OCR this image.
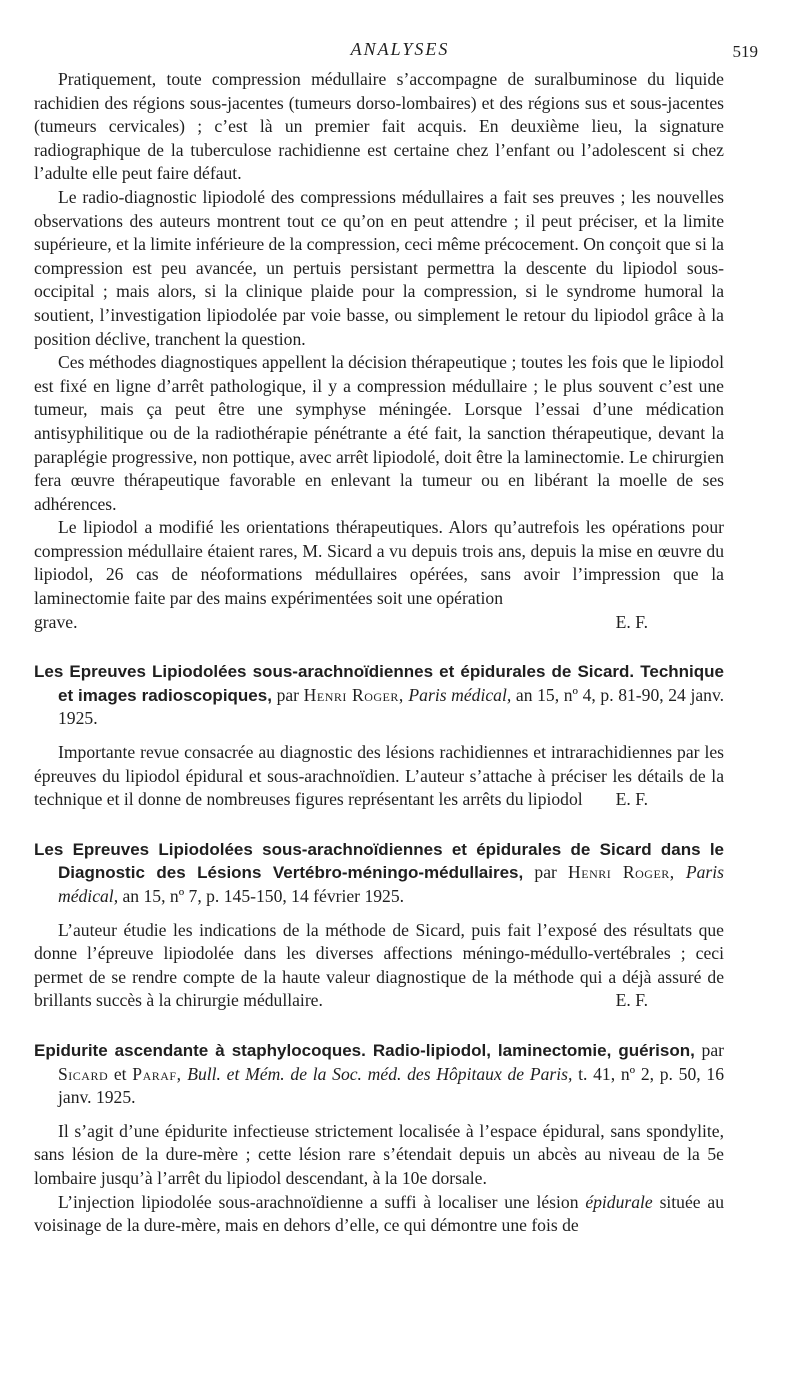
ANALYSES	519

Pratiquement, toute compression médullaire s’accompagne de suralbuminose du liquide rachidien des régions sous-jacentes (tumeurs dorso-lombaires) et des régions sus et sous-jacentes (tumeurs cervicales) ; c’est là un premier fait acquis. En deuxième lieu, la signature radiographique de la tuberculose rachidienne est certaine chez l’enfant ou l’adolescent si chez l’adulte elle peut faire défaut.

Le radio-diagnostic lipiodolé des compressions médullaires a fait ses preuves ; les nouvelles observations des auteurs montrent tout ce qu’on en peut attendre ; il peut préciser, et la limite supérieure, et la limite inférieure de la compression, ceci même précocement. On conçoit que si la compression est peu avancée, un pertuis persistant permettra la descente du lipiodol sous-occipital ; mais alors, si la clinique plaide pour la compression, si le syndrome humoral la soutient, l’investigation lipiodolée par voie basse, ou simplement le retour du lipiodol grâce à la position déclive, tranchent la question.

Ces méthodes diagnostiques appellent la décision thérapeutique ; toutes les fois que le lipiodol est fixé en ligne d’arrêt pathologique, il y a compression médullaire ; le plus souvent c’est une tumeur, mais ça peut être une symphyse méningée. Lorsque l’essai d’une médication antisyphilitique ou de la radiothérapie pénétrante a été fait, la sanction thérapeutique, devant la paraplégie progressive, non pottique, avec arrêt lipiodolé, doit être la laminectomie. Le chirurgien fera œuvre thérapeutique favorable en enlevant la tumeur ou en libérant la moelle de ses adhérences.

Le lipiodol a modifié les orientations thérapeutiques. Alors qu’autrefois les opérations pour compression médullaire étaient rares, M. Sicard a vu depuis trois ans, depuis la mise en œuvre du lipiodol, 26 cas de néoformations médullaires opérées, sans avoir l’impression que la laminectomie faite par des mains expérimentées soit une opération

grave.	E. F.
Les Epreuves Lipiodolées sous-arachnoïdiennes et épidurales de Sicard. Technique et images radioscopiques, par Henri Roger, Paris médical, an 15, nº 4, p. 81-90, 24 janv. 1925.

Importante revue consacrée au diagnostic des lésions rachidiennes et intrarachidiennes par les épreuves du lipiodol épidural et sous-arachnoïdien. L’auteur s’attache à préciser les détails de la technique et il donne de nombreuses figures représentant les arrêts du lipiodol	E. F.

Les Epreuves Lipiodolées sous-arachnoïdiennes et épidurales de Sicard dans le Diagnostic des Lésions Vertébro-méningo-médullaires, par Henri Roger, Paris médical, an 15, nº 7, p. 145-150, 14 février 1925.

L’auteur étudie les indications de la méthode de Sicard, puis fait l’exposé des résultats que donne l’épreuve lipiodolée dans les diverses affections méningo-médullo-vertébrales ; ceci permet de se rendre compte de la haute valeur diagnostique de la méthode qui a déjà assuré de brillants succès à la chirurgie médullaire.	E. F.

Epidurite ascendante à staphylocoques. Radio-lipiodol, laminectomie, guérison, par Sicard et Paraf, Bull. et Mém. de la Soc. méd. des Hôpitaux de Paris, t. 41, nº 2, p. 50, 16 janv. 1925.

Il s’agit d’une épidurite infectieuse strictement localisée à l’espace épidural, sans spondylite, sans lésion de la dure-mère ; cette lésion rare s’étendait depuis un abcès au niveau de la 5e lombaire jusqu’à l’arrêt du lipiodol descendant, à la 10e dorsale.

L’injection lipiodolée sous-arachnoïdienne a suffi à localiser une lésion épidurale située au voisinage de la dure-mère, mais en dehors d’elle, ce qui démontre une fois de
